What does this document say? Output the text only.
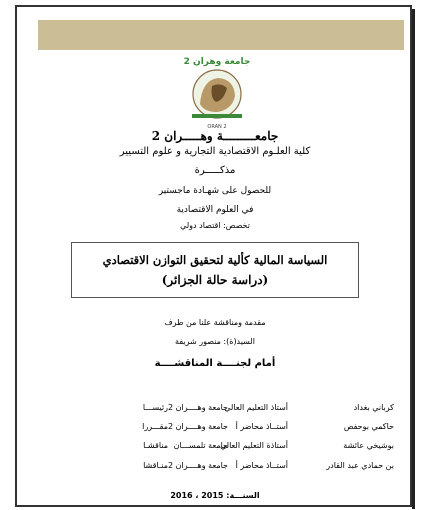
جامعة وهران 2
ORAN 2
جامعـــــــــة وهـــــران 2
كلية العلـوم الاقتصادية التجارية و علوم التسيير
مذكـــــرة
للحصول على شهـادة ماجستير
في العلوم الاقتصادية
تخصص: اقتصاد دولي
السياسة المالية كألية لتحقيق التوازن الاقتصادي
(دراسة حالة الجزائر)
مقدمة ومناقشة علنا من طرف
السيد(ة): منصور شريفة
أمام لجنــــة المناقشــــة
كرباني بغداد
أستاذ التعليم العالي
جامعة وهــــران 2
رئيســـا
حاكمي بوحفص
أستــاذ محاضر أ
جامعة وهــــران 2
مقـــررا
بوشيخي عائشة
أستاذة التعليم العالي
جامعة تلمســـان
مناقشـا
بن حمادي عبد القادر
أستــاذ محاضر أ
جامعة وهــــران 2
منـاقشا
السنـــة: 2015 ، 2016
